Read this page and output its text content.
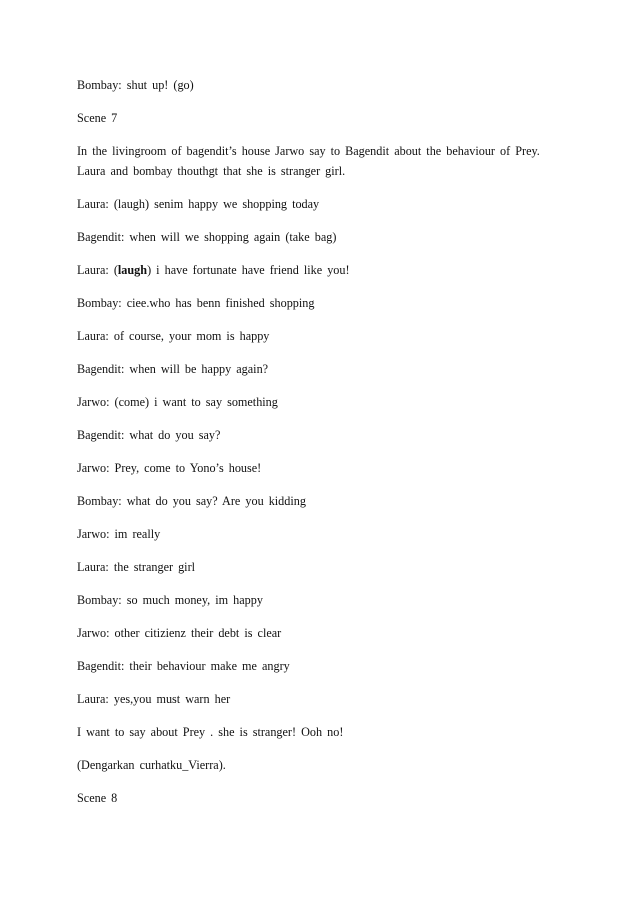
Bombay: shut up! (go)

Scene 7

In the livingroom of bagendit’s house Jarwo say to Bagendit about the behaviour of Prey.

Laura and bombay thouthgt that she is stranger girl.

Laura: (laugh) senim happy we shopping today

Bagendit: when will we shopping again (take bag)

Laura: (laugh) i have fortunate have friend like you!

Bombay: ciee.who has benn finished shopping

Laura: of course, your mom is happy

Bagendit: when will be happy again?

Jarwo: (come) i want to say something

Bagendit: what do you say?

Jarwo: Prey, come to Yono’s house!

Bombay: what do you say? Are you kidding

Jarwo: im really

Laura: the stranger girl

Bombay: so much money, im happy

Jarwo: other citizienz their debt is clear

Bagendit: their behaviour make me angry

Laura: yes,you must warn her

I want to say about Prey . she is stranger! Ooh no!

(Dengarkan curhatku_Vierra).

Scene 8
